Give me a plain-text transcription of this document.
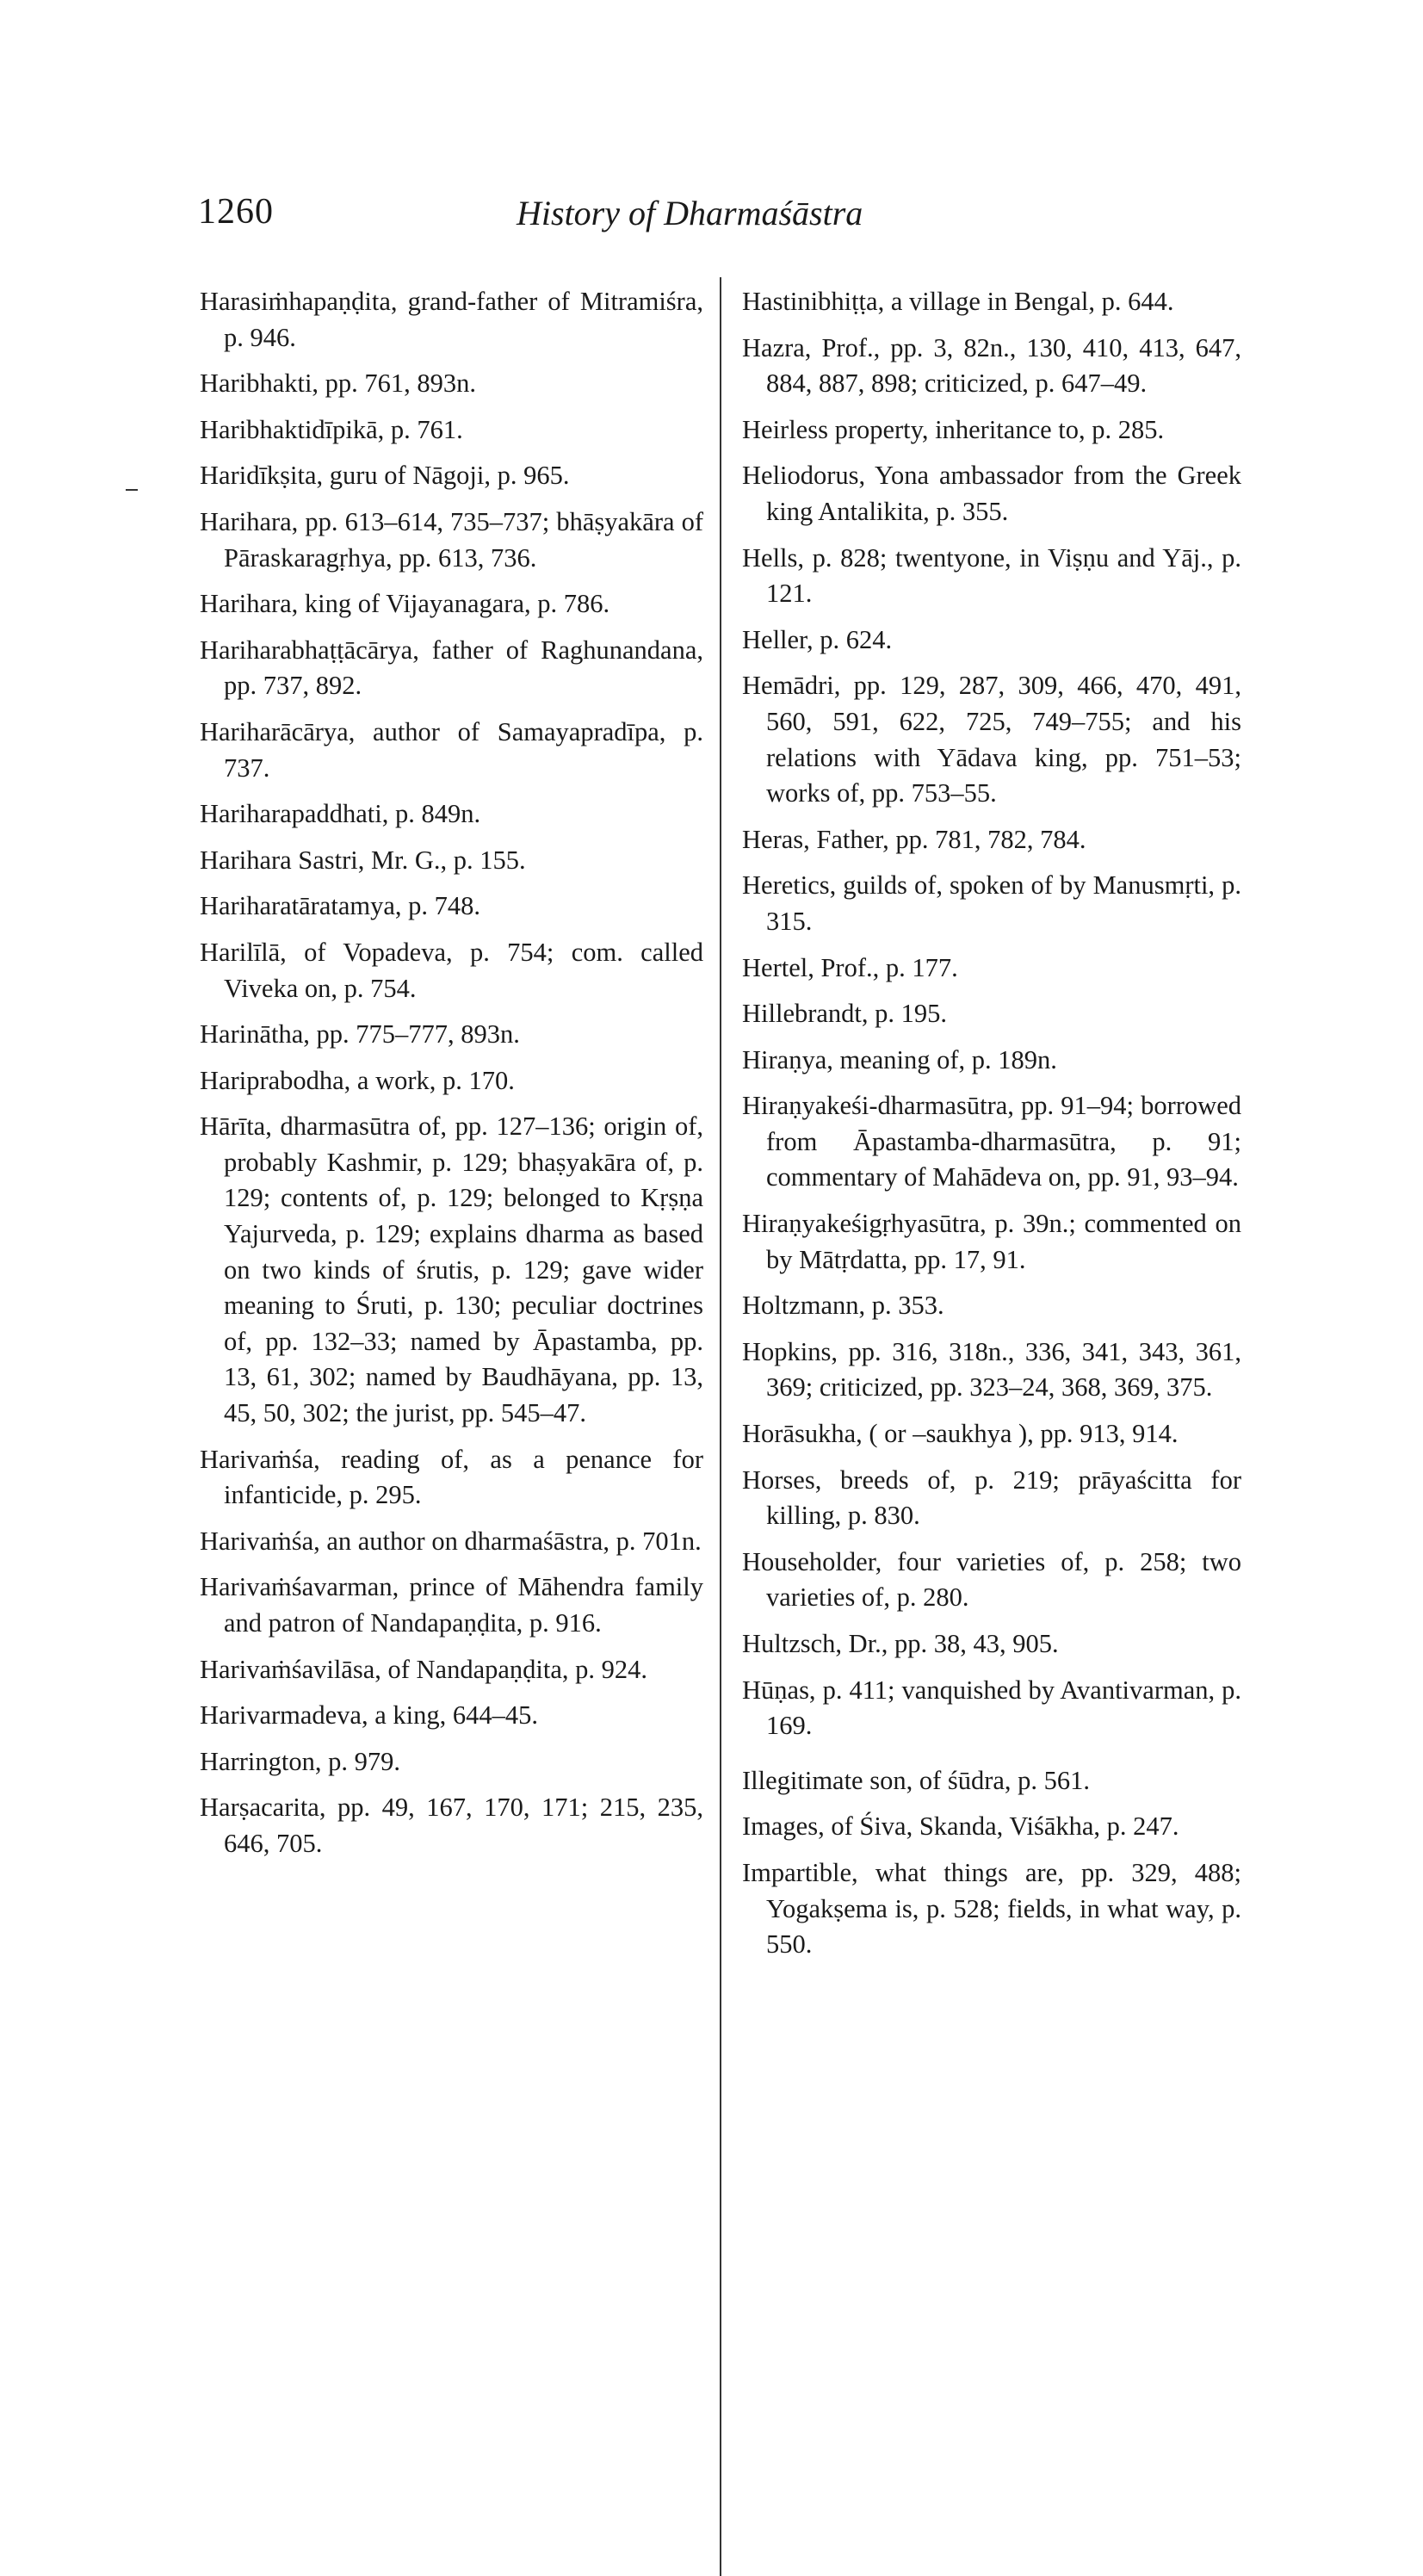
1260	History of Dharmaśāstra

Harasiṁhapaṇḍita, grand-father of Mitramiśra, p. 946.

Haribhakti, pp. 761, 893n.

Haribhaktidīpikā, p. 761.

Haridīkṣita, guru of Nāgoji, p. 965.

Harihara, pp. 613–614, 735–737; bhāṣyakāra of Pāraskaragṛhya, pp. 613, 736.

Harihara, king of Vijayanagara, p. 786.

Hariharabhaṭṭācārya, father of Raghunandana, pp. 737, 892.

Hariharācārya, author of Samayapradīpa, p. 737.

Hariharapaddhati, p. 849n.

Harihara Sastri, Mr. G., p. 155.

Hariharatāratamya, p. 748.

Harilīlā, of Vopadeva, p. 754; com. called Viveka on, p. 754.

Harinātha, pp. 775–777, 893n.

Hariprabodha, a work, p. 170.

Hārīta, dharmasūtra of, pp. 127–136; origin of, probably Kashmir, p. 129; bhaṣyakāra of, p. 129; contents of, p. 129; belonged to Kṛṣṇa Yajurveda, p. 129; explains dharma as based on two kinds of śrutis, p. 129; gave wider meaning to Śruti, p. 130; peculiar doctrines of, pp. 132–33; named by Āpastamba, pp. 13, 61, 302; named by Baudhāyana, pp. 13, 45, 50, 302; the jurist, pp. 545–47.

Harivaṁśa, reading of, as a penance for infanticide, p. 295.

Harivaṁśa, an author on dharmaśāstra, p. 701n.

Harivaṁśavarman, prince of Māhendra family and patron of Nandapaṇḍita, p. 916.

Harivaṁśavilāsa, of Nandapaṇḍita, p. 924.

Harivarmadeva, a king, 644–45.

Harrington, p. 979.

Harṣacarita, pp. 49, 167, 170, 171; 215, 235, 646, 705.

Hastinibhiṭṭa, a village in Bengal, p. 644.

Hazra, Prof., pp. 3, 82n., 130, 410, 413, 647, 884, 887, 898; criticized, p. 647–49.

Heirless property, inheritance to, p. 285.

Heliodorus, Yona ambassador from the Greek king Antalikita, p. 355.

Hells, p. 828; twentyone, in Viṣṇu and Yāj., p. 121.

Heller, p. 624.

Hemādri, pp. 129, 287, 309, 466, 470, 491, 560, 591, 622, 725, 749–755; and his relations with Yādava king, pp. 751–53; works of, pp. 753–55.

Heras, Father, pp. 781, 782, 784.

Heretics, guilds of, spoken of by Manusmṛti, p. 315.

Hertel, Prof., p. 177.

Hillebrandt, p. 195.

Hiraṇya, meaning of, p. 189n.

Hiraṇyakeśi-dharmasūtra, pp. 91–94; borrowed from Āpastamba-dharmasūtra, p. 91; commentary of Mahādeva on, pp. 91, 93–94.

Hiraṇyakeśigṛhyasūtra, p. 39n.; commented on by Mātṛdatta, pp. 17, 91.

Holtzmann, p. 353.

Hopkins, pp. 316, 318n., 336, 341, 343, 361, 369; criticized, pp. 323–24, 368, 369, 375.

Horāsukha, ( or –saukhya ), pp. 913, 914.

Horses, breeds of, p. 219; prāyaścitta for killing, p. 830.

Householder, four varieties of, p. 258; two varieties of, p. 280.

Hultzsch, Dr., pp. 38, 43, 905.

Hūṇas, p. 411; vanquished by Avantivarman, p. 169.

Illegitimate son, of śūdra, p. 561.

Images, of Śiva, Skanda, Viśākha, p. 247.

Impartible, what things are, pp. 329, 488; Yogakṣema is, p. 528; fields, in what way, p. 550.
